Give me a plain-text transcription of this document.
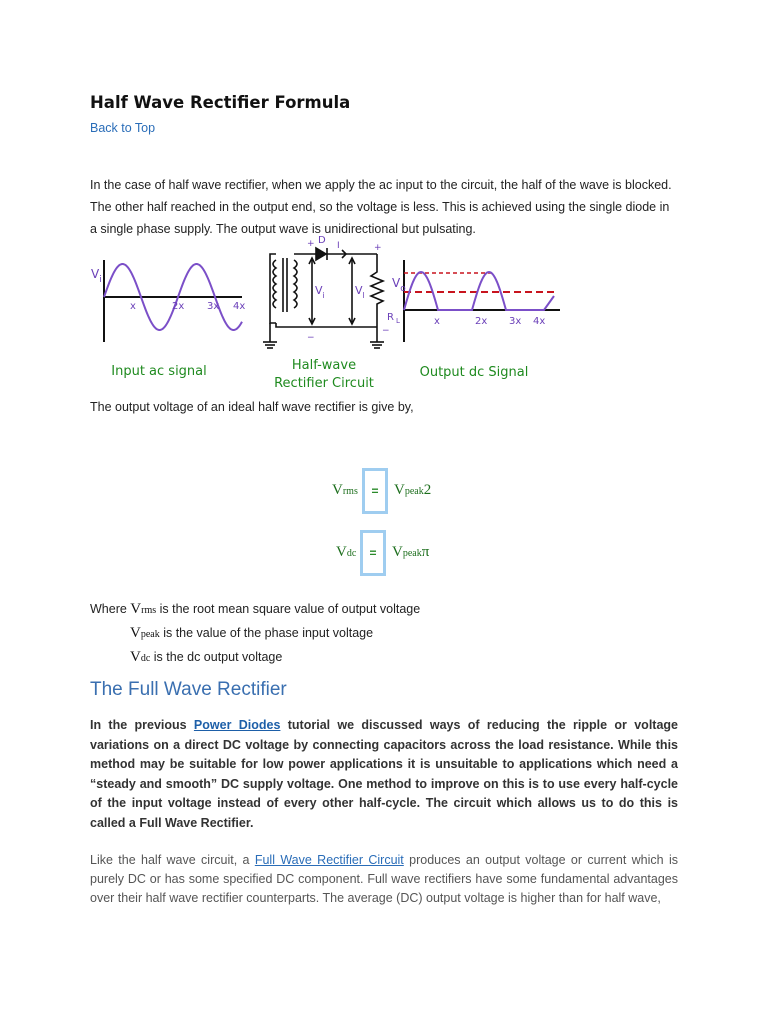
Half Wave Rectifier Formula
Back to Top

In the case of half wave rectifier, when we apply the ac input to the circuit, the half of the wave is blocked. The other half reached in the output end, so the voltage is less. This is achieved using the single diode in a single phase supply. The output wave is unidirectional but pulsating.

$V_i$
x	2x 3x 4x
D
+	+
−
−
I
$V_i$	$V_l$
R $_L$
$V_o$
x	2x 3x 4x
Input ac signal	Half-wave
Rectifier Circuit
Output dc Signal

The output voltage of an ideal half wave rectifier is give by,

Vrms	=	Vpeak2
Vdc	=	Vpeakπ
Where Vrms is the root mean square value of output voltage
Vpeak is the value of the phase input voltage
Vdc is the dc output voltage
The Full Wave Rectifier

In the previous Power Diodes tutorial we discussed ways of reducing the ripple or voltage variations on a direct DC voltage by connecting capacitors across the load resistance. While this method may be suitable for low power applications it is unsuitable to applications which need a “steady and smooth” DC supply voltage. One method to improve on this is to use every half-cycle of the input voltage instead of every other half-cycle. The circuit which allows us to do this is called a Full Wave Rectifier.

Like the half wave circuit, a Full Wave Rectifier Circuit produces an output voltage or current which is purely DC or has some specified DC component. Full wave rectifiers have some fundamental advantages over their half wave rectifier counterparts. The average (DC) output voltage is higher than for half wave,
